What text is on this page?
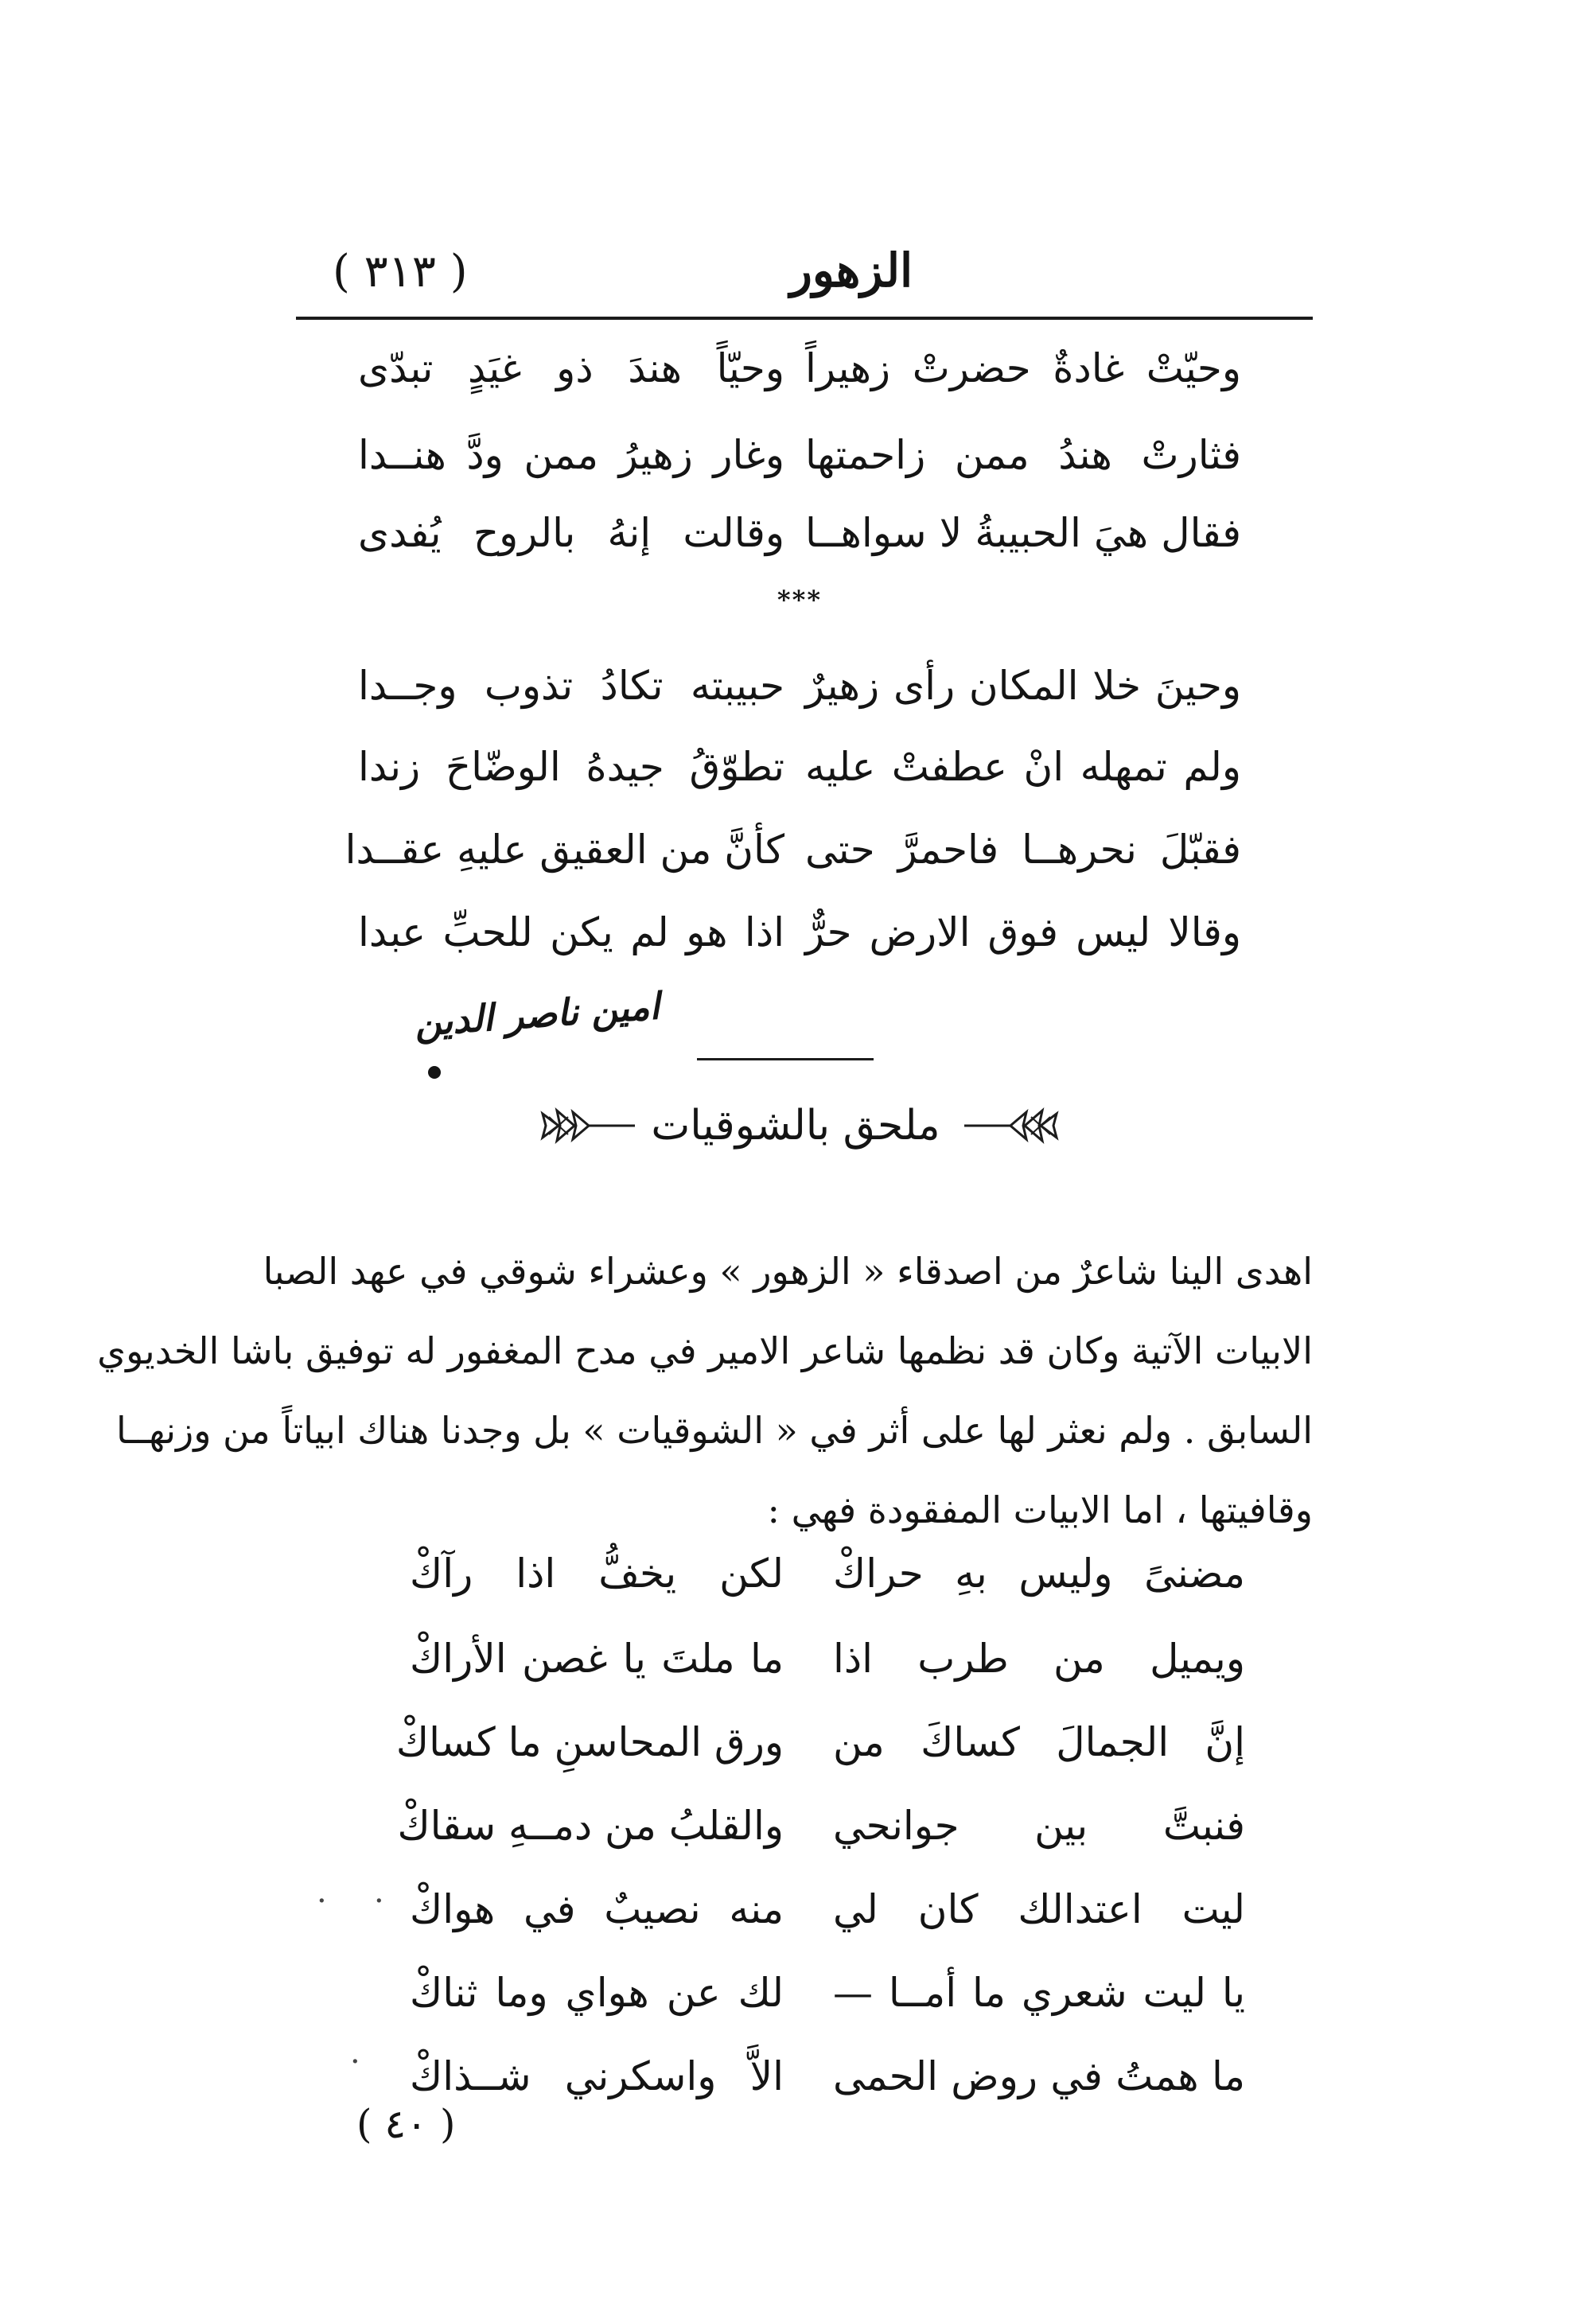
( ٣١٣ )	الزهور
وحيّتْ غادةٌ حضرتْ زهيراً
وحيّاً هندَ ذو غيَدٍ تبدّى
فثارتْ هندُ ممن زاحمتها
وغار زهيرُ ممن ودَّ هنــدا
فقال هيَ الحبيبةُ لا سواهــا
وقالت إنهُ بالروح يُفدى
***
وحينَ خلا المكان رأى زهيرٌ
حبيبته تكادُ تذوب وجــدا
ولم تمهله انْ عطفتْ عليه
تطوّقُ جيدهُ الوضّاحَ زندا
فقبّلَ نحرهــا فاحمرَّ حتى
كأنَّ من العقيق عليهِ عقــدا
وقالا ليس فوق الارض حرٌّ
اذا هو لم يكن للحبِّ عبدا
امين ناصر الدين
ملحق بالشوقيات
اهدى الينا شاعرٌ من اصدقاء « الزهور » وعشراء شوقي في عهد الصبا
الابيات الآتية وكان قد نظمها شاعر الامير في مدح المغفور له توفيق باشا الخديوي
السابق . ولم نعثر لها على أثر في « الشوقيات » بل وجدنا هناك ابياتاً من وزنهــا
وقافيتها ، اما الابيات المفقودة فهي :
مضنىً وليس بهِ حراكْ
لكن يخفُّ اذا رآكْ
ويميل من طرب اذا
ما ملتَ يا غصن الأراكْ
إنَّ الجمالَ كساكَ من
ورق المحاسنِ ما كساكْ
فنبتَّ بين جوانحي
والقلبُ من دمــهِ سقاكْ
ليت اعتدالك كان لي
منه نصيبٌ في هواكْ
يا ليت شعري ما أمــا —
لك عن هواي وما ثناكْ
ما همتُ في روض الحمى
الاَّ واسكرني شــذاكْ
· ·
·
( ٤٠ )
